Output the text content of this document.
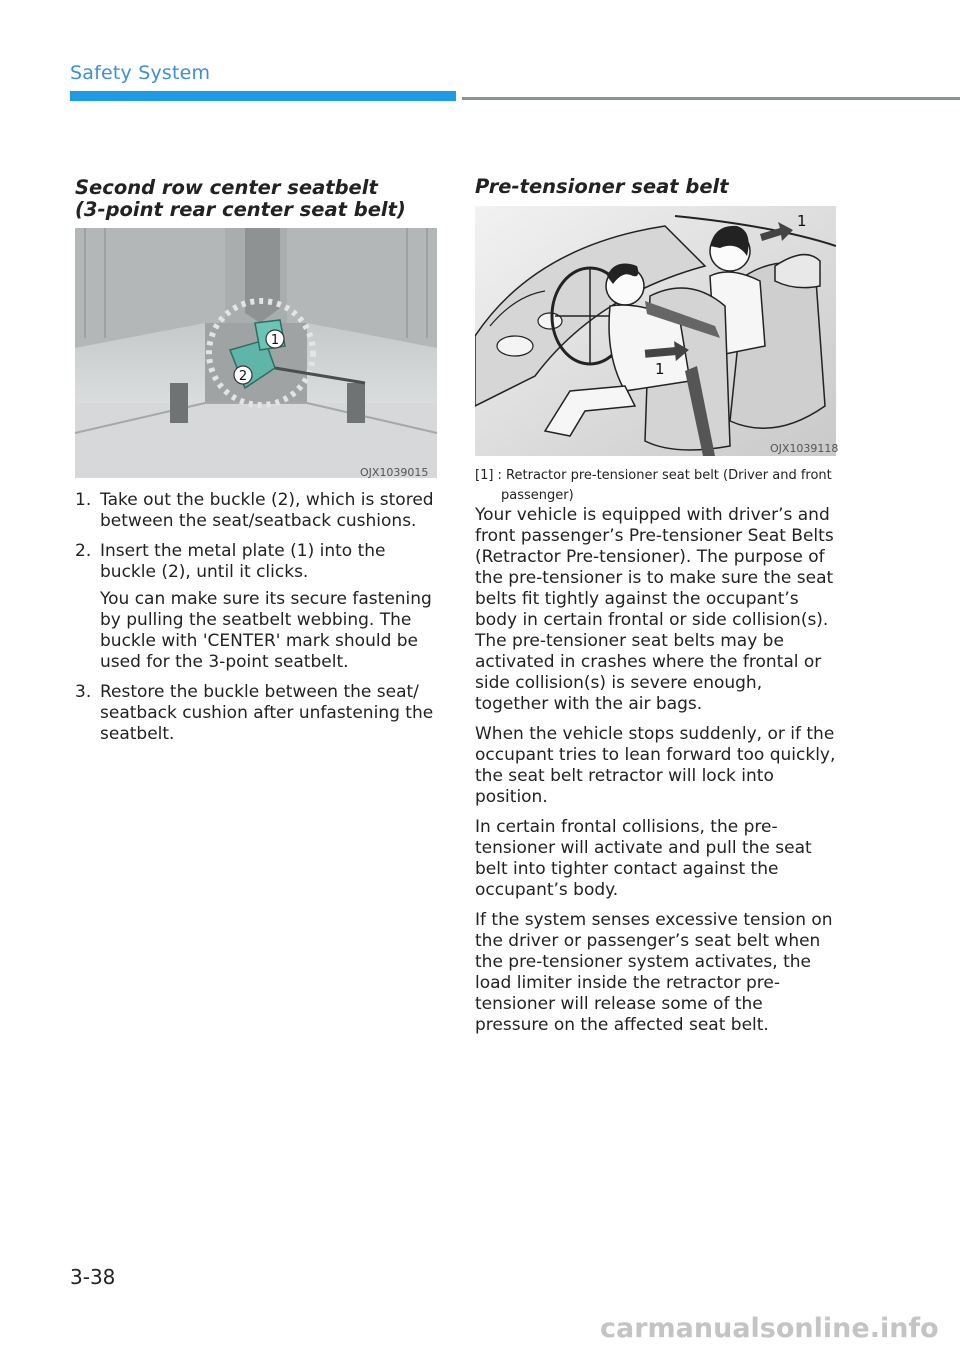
Safety System
Second row center seatbelt
(3-point rear center seat belt)
1
2
OJX1039015
1. Take out the buckle (2), which is stored between the seat/seatback cushions.
2. Insert the metal plate (1) into the buckle (2), until it clicks.
You can make sure its secure fastening by pulling the seatbelt webbing. The buckle with 'CENTER' mark should be used for the 3-point seatbelt.
3. Restore the buckle between the seat/ seatback cushion after unfastening the seatbelt.
Pre-tensioner seat belt
1
1
OJX1039118
[1] : Retractor pre-tensioner seat belt (Driver and front passenger)

Your vehicle is equipped with driver’s and front passenger’s Pre-tensioner Seat Belts (Retractor Pre-tensioner). The purpose of the pre-tensioner is to make sure the seat belts fit tightly against the occupant’s body in certain frontal or side collision(s). The pre-tensioner seat belts may be activated in crashes where the frontal or side collision(s) is severe enough, together with the air bags.

When the vehicle stops suddenly, or if the occupant tries to lean forward too quickly, the seat belt retractor will lock into position.

In certain frontal collisions, the pre-tensioner will activate and pull the seat belt into tighter contact against the occupant’s body.

If the system senses excessive tension on the driver or passenger’s seat belt when the pre-tensioner system activates, the load limiter inside the retractor pre-tensioner will release some of the pressure on the affected seat belt.

3-38
carmanualsonline.info
